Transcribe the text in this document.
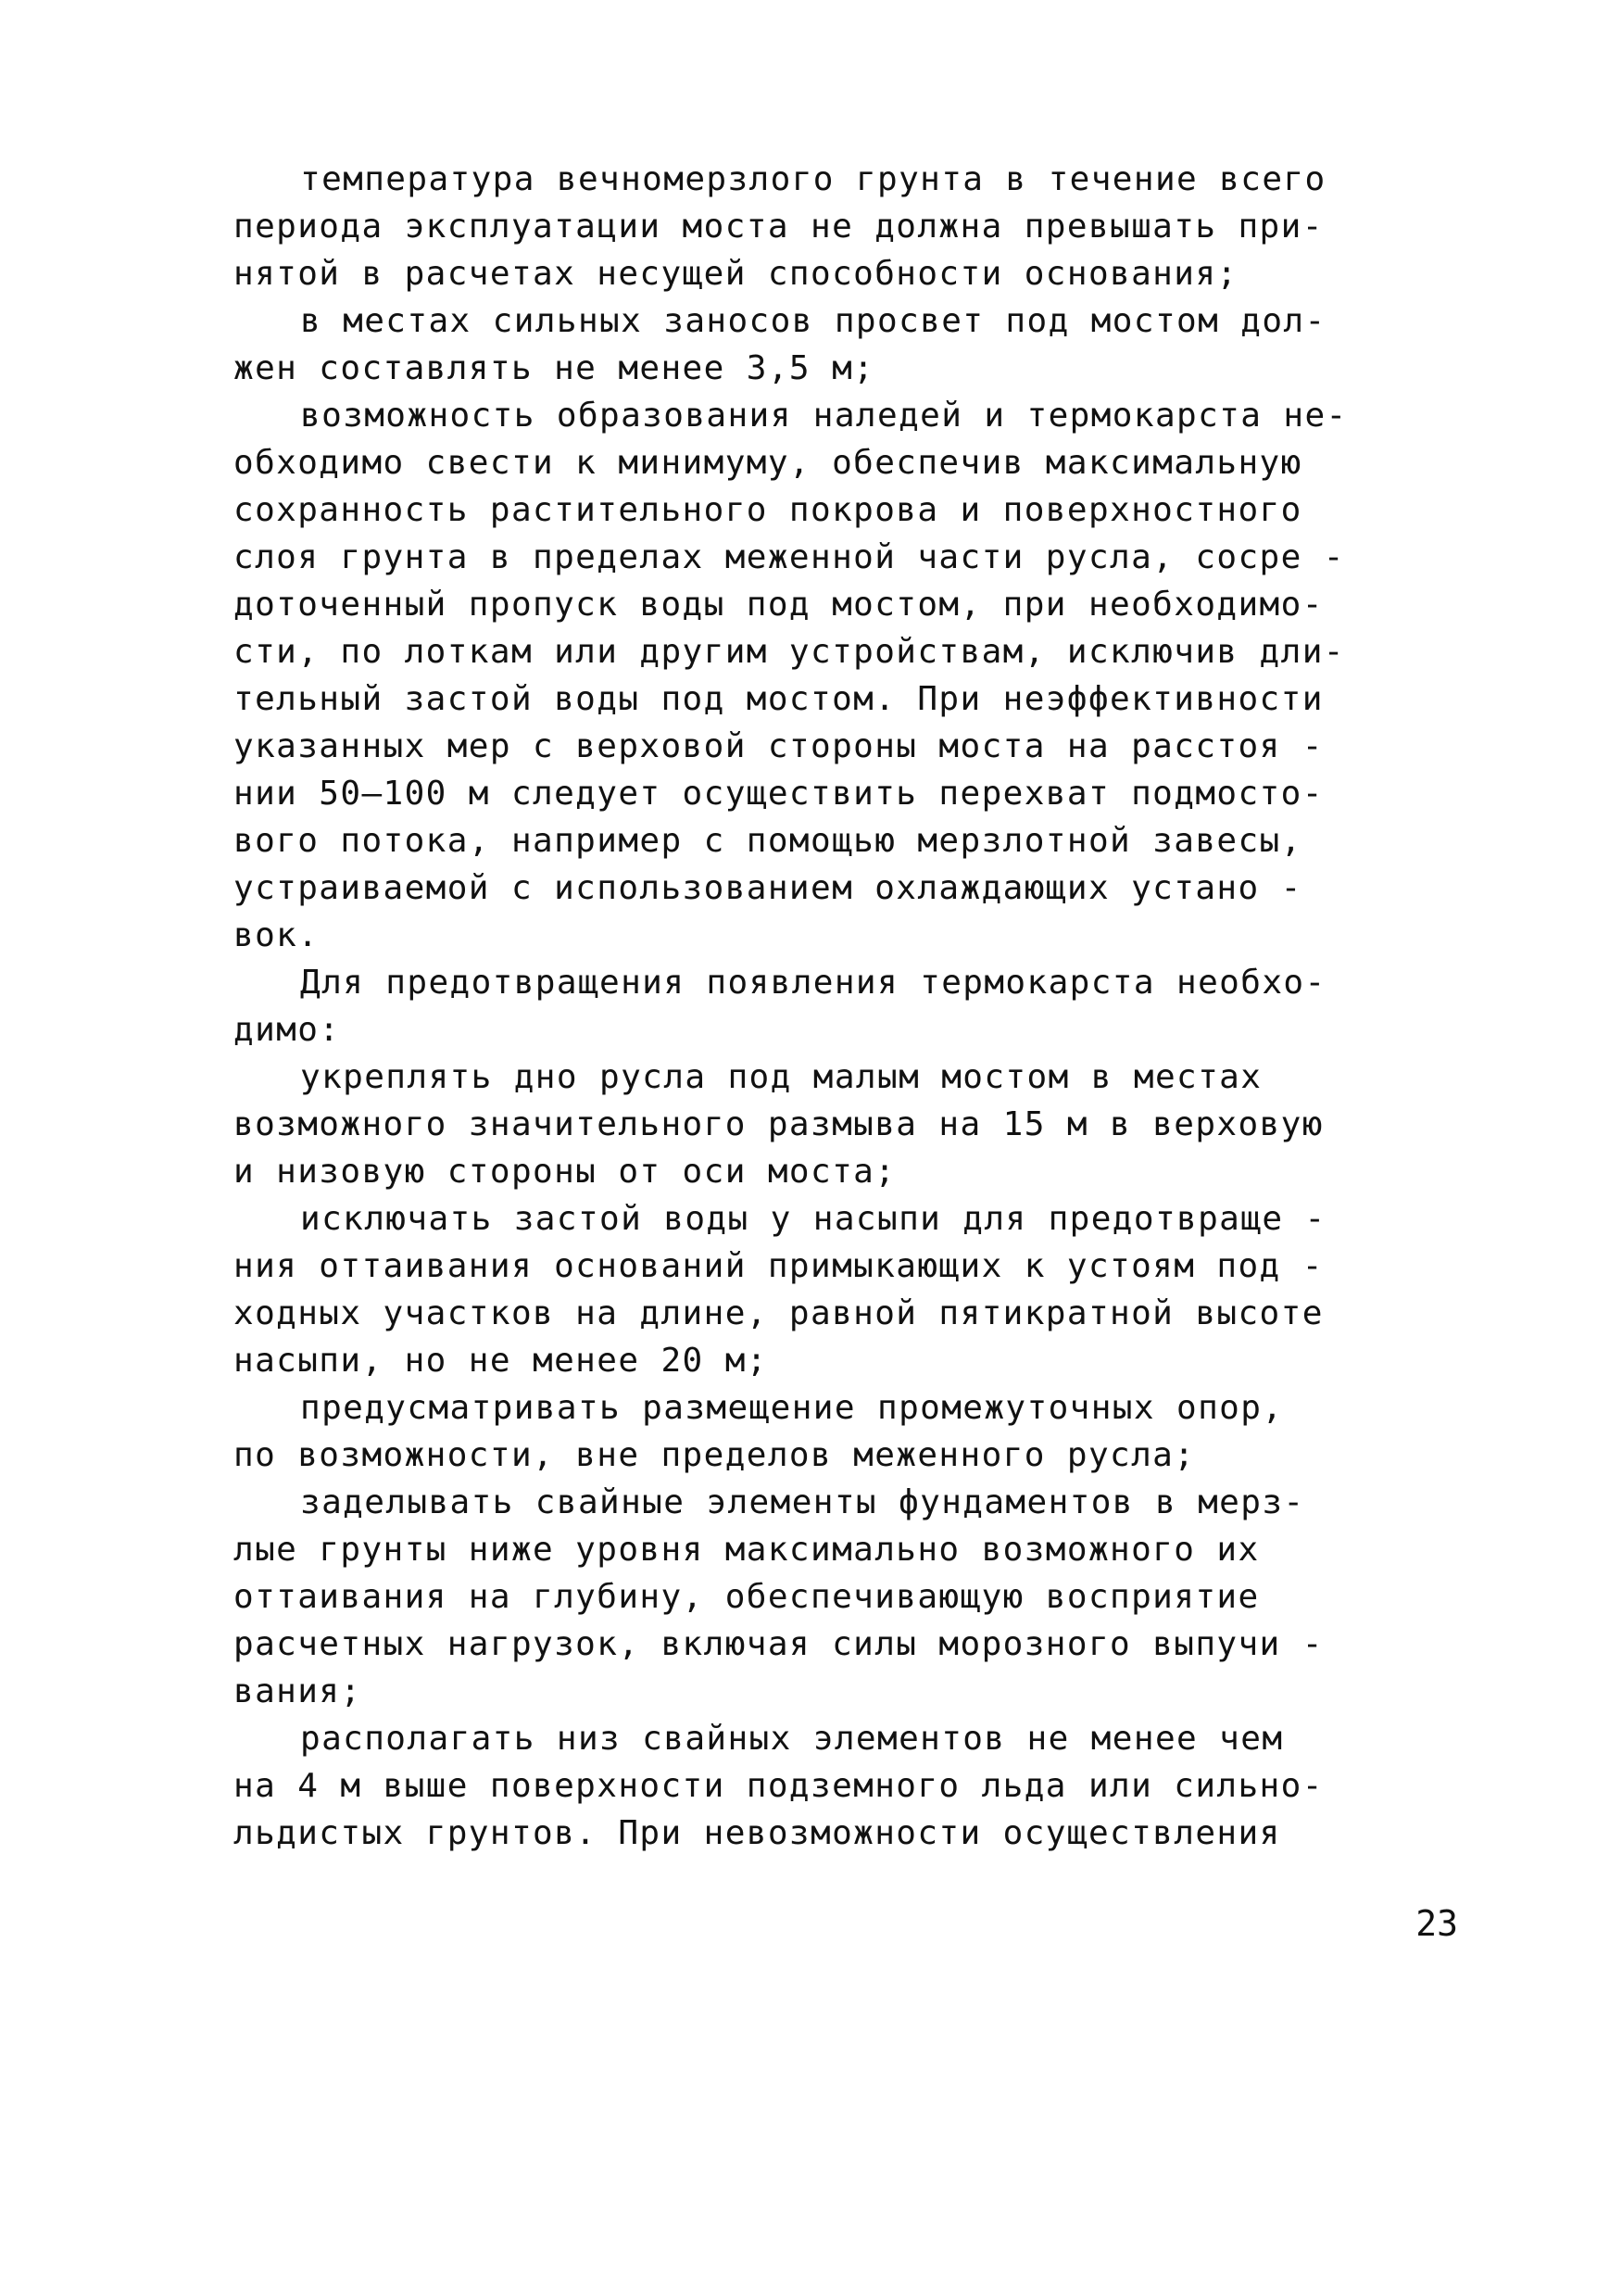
температура вечномерзлого грунта в течение всего
периода эксплуатации моста не должна превышать при-
нятой в расчетах несущей способности основания;
в местах сильных заносов просвет под мостом дол-
жен составлять не менее 3,5 м;
возможность образования наледей и термокарста не-
обходимо свести к минимуму, обеспечив максимальную
сохранность растительного покрова и поверхностного
слоя грунта в пределах меженной части русла, сосре -
доточенный пропуск воды под мостом, при необходимо-
сти, по лоткам или другим устройствам, исключив дли-
тельный застой воды под мостом. При неэффективности
указанных мер с верховой стороны моста на расстоя -
нии 50–100 м следует осуществить перехват подмосто-
вого потока, например с помощью мерзлотной завесы,
устраиваемой с использованием охлаждающих устано -
вок.
Для предотвращения появления термокарста необхо-
димо:
укреплять дно русла под малым мостом в местах
возможного значительного размыва на 15 м в верховую
и низовую стороны от оси моста;
исключать застой воды у насыпи для предотвраще -
ния оттаивания оснований примыкающих к устоям под -
ходных участков на длине, равной пятикратной высоте
насыпи, но не менее 20 м;
предусматривать размещение промежуточных опор,
по возможности, вне пределов меженного русла;
заделывать свайные элементы фундаментов в мерз-
лые грунты ниже уровня максимально возможного их
оттаивания на глубину, обеспечивающую восприятие
расчетных нагрузок, включая силы морозного выпучи -
вания;
располагать низ свайных элементов не менее чем
на 4 м выше поверхности подземного льда или сильно-
льдистых грунтов. При невозможности осуществления
23
